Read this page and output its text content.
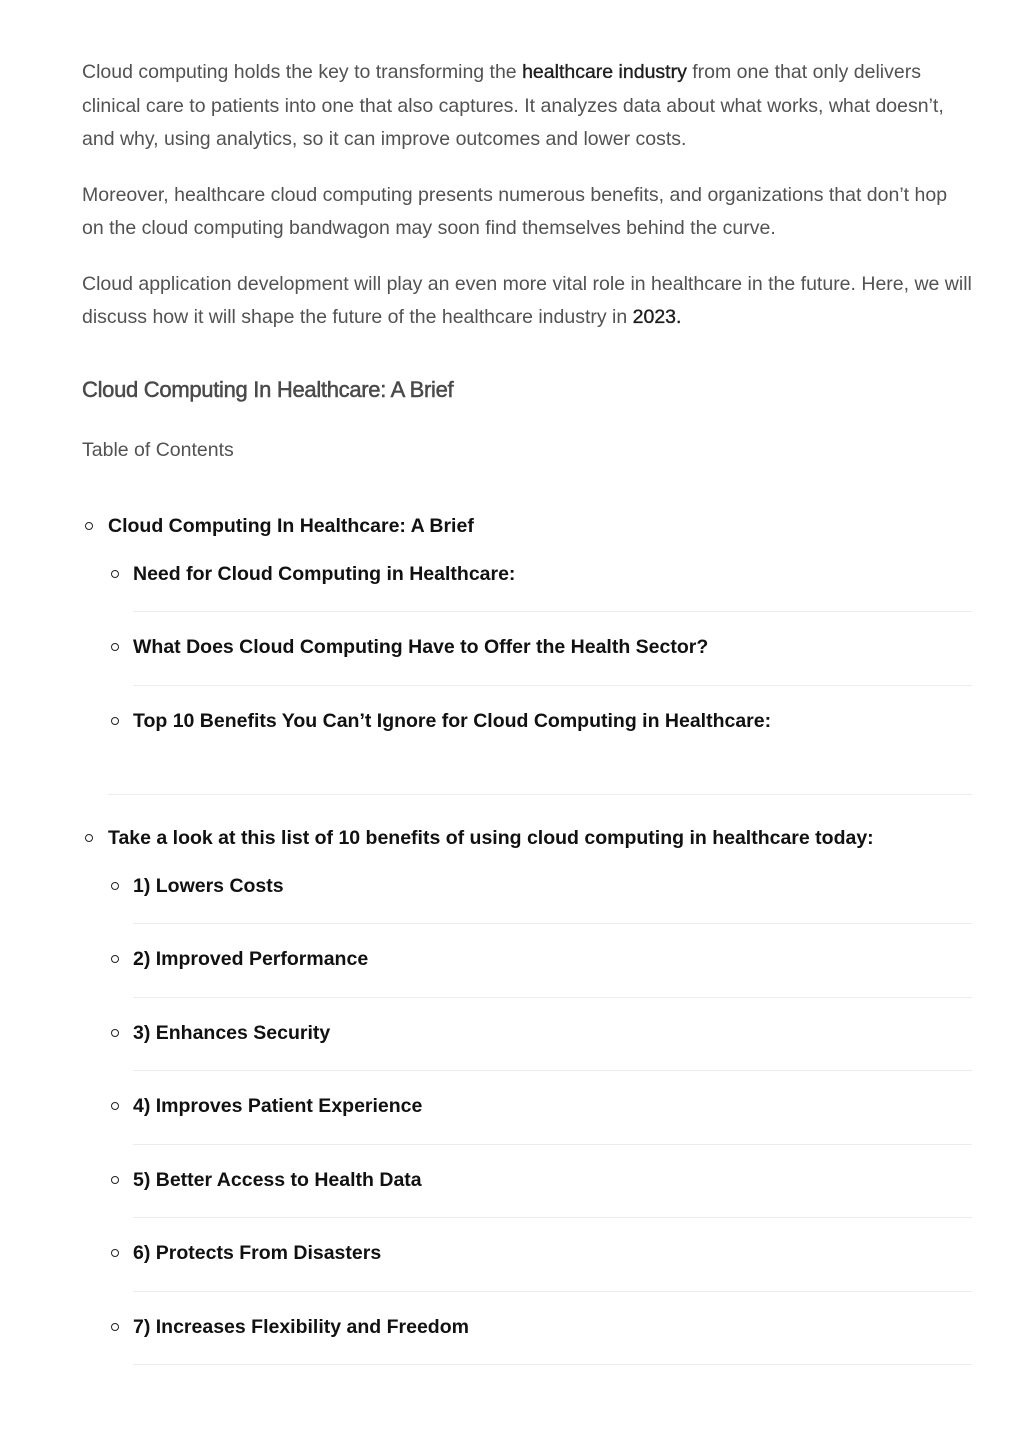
Cloud computing holds the key to transforming the healthcare industry from one that only delivers clinical care to patients into one that also captures. It analyzes data about what works, what doesn’t, and why, using analytics, so it can improve outcomes and lower costs.

Moreover, healthcare cloud computing presents numerous benefits, and organizations that don’t hop on the cloud computing bandwagon may soon find themselves behind the curve.

Cloud application development will play an even more vital role in healthcare in the future. Here, we will discuss how it will shape the future of the healthcare industry in 2023.

Cloud Computing In Healthcare: A Brief
Table of Contents
Cloud Computing In Healthcare: A Brief
Need for Cloud Computing in Healthcare:
What Does Cloud Computing Have to Offer the Health Sector?
Top 10 Benefits You Can’t Ignore for Cloud Computing in Healthcare:
Take a look at this list of 10 benefits of using cloud computing in healthcare today:
1) Lowers Costs
2) Improved Performance
3) Enhances Security
4) Improves Patient Experience
5) Better Access to Health Data
6) Protects From Disasters
7) Increases Flexibility and Freedom
